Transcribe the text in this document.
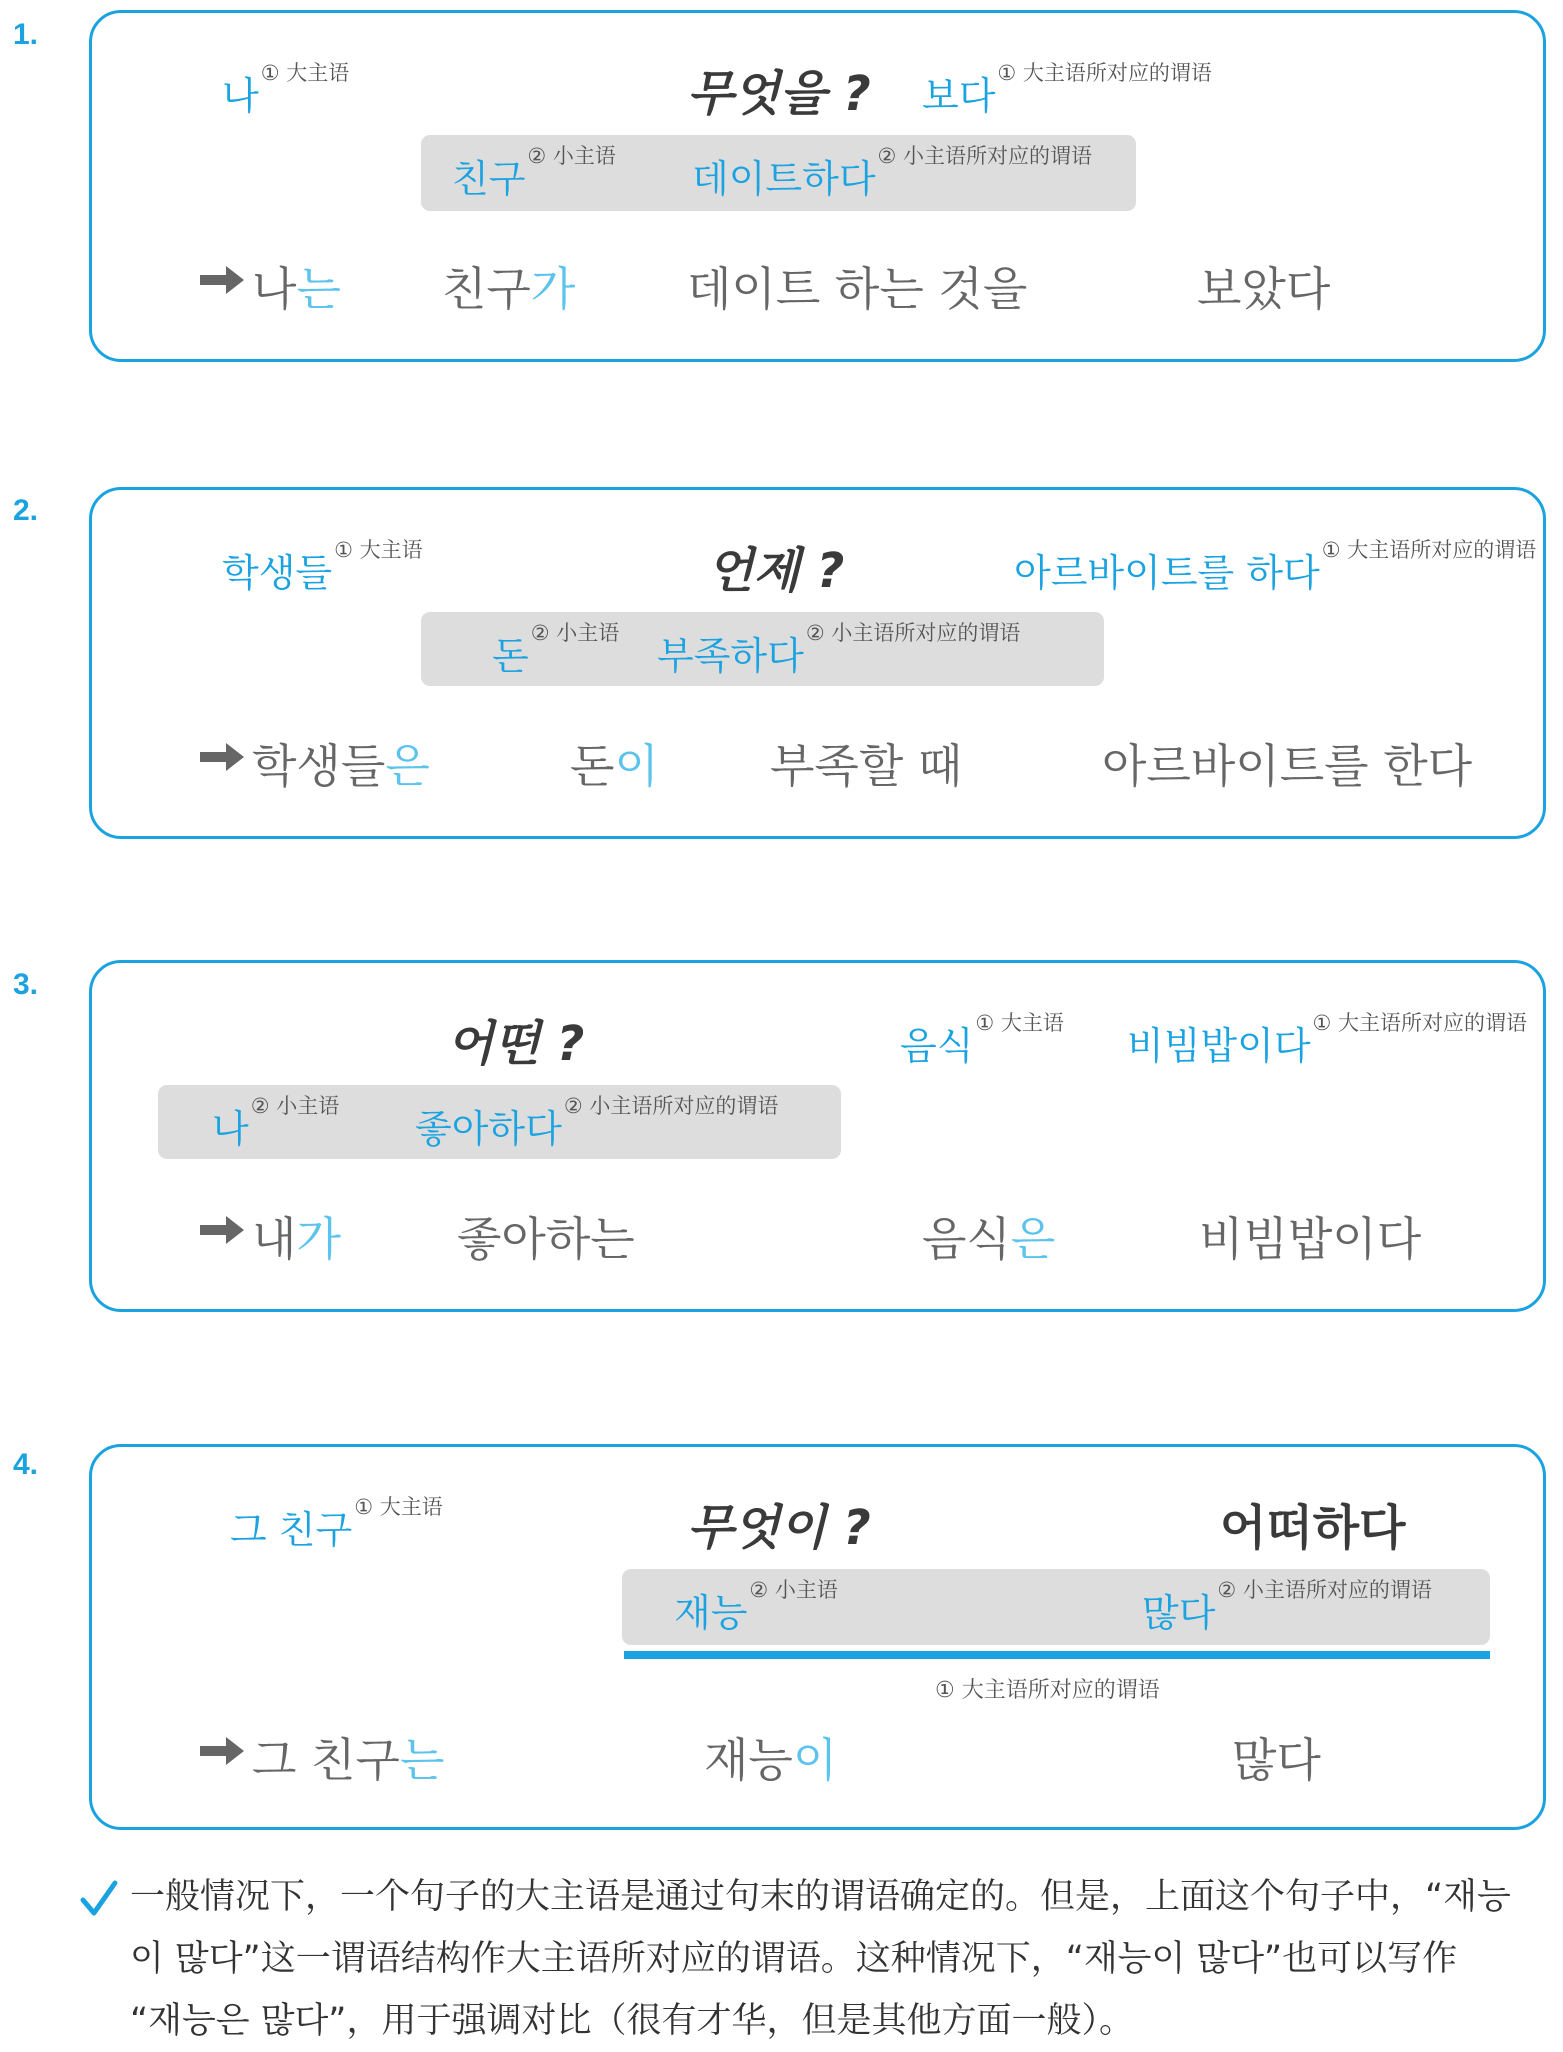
1.
나$^{① 大主语}$	무엇을 ? 보다$^{① 大主语所对应的谓语}$
친구$^{② 小主语}$
데이트하다$^{② 小主语所对应的谓语}$
나는 친구가 데이트 하는 것을	보았다
2.
학생들$^{① 大主语}$	언제 ?	아르바이트를 하다$^{① 大主语所对应的谓语}$
돈$^{② 小主语}$
부족하다$^{② 小主语所对应的谓语}$
학생들은	돈이 부족할 때	아르바이트를 한다
3.
어떤 ?	음식$^{① 大主语}$
비빔밥이다$^{① 大主语所对应的谓语}$
나$^{② 小主语}$
좋아하다$^{② 小主语所对应的谓语}$
내가	좋아하는	음식은	비빔밥이다
4.
그 친구$^{① 大主语}$	무엇이 ?	어떠하다
재능$^{② 小主语}$
많다$^{② 小主语所对应的谓语}$
① 大主语所对应的谓语
그 친구는	재능이	많다
一般情况下，一个句子的大主语是通过句末的谓语确定的。但是，上面这个句子中，“재능
이 많다”这一谓语结构作大主语所对应的谓语。这种情况下，“재능이 많다”也可以写作
“재능은 많다”，用于强调对比（很有才华，但是其他方面一般）。
